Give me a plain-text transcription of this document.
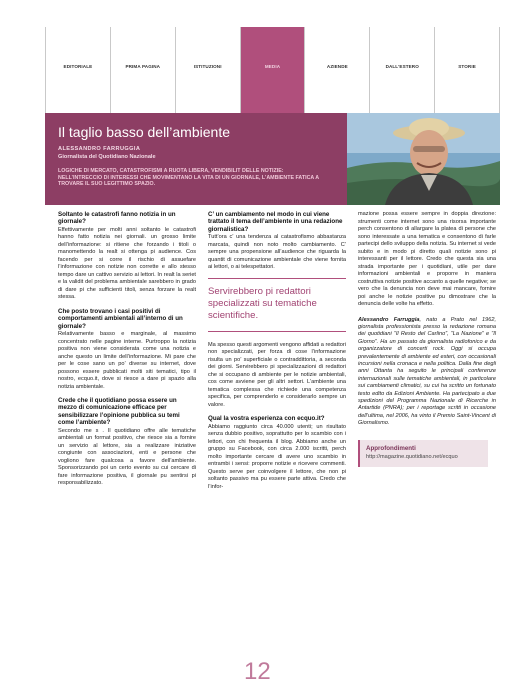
EDITORIALE	PRIMA PAGINA	ISTITUZIONI	MEDIA	AZIENDE	DALL'ESTERO	STORIE
Il taglio basso dell’ambiente
ALESSANDRO FARRUGGIA
Giornalista del Quotidiano Nazionale
LOGICHE DI MERCATO, CATASTROFISMI A RUOTA LIBERA, VENDIBILIT DELLE NOTIZIE: NELL’INTRECCIO DI INTERESSI CHE MOVIMENTANO LA VITA DI UN GIORNALE, L’AMBIENTE FATICA A TROVARE IL SUO LEGITTIMO SPAZIO.
Soltanto le catastrofi fanno notizia in un giornale?
Effettivamente per molti anni soltanto le catastrofi hanno fatto notizia nei giornali. un grosso limite dell’informazione: si ritiene che forzando i titoli o manomettendo la realt si ottenga pi audience. Cos facendo per si corre il rischio di assuefare l’informazione con notizie non corrette e allo stesso tempo dare un cattivo servizio ai lettori. In realt la seriet e la validit del problema ambientale sarebbero in grado di dare pi che sufficienti titoli, senza forzare la realt stessa.
Che posto trovano i casi positivi di comportamenti ambientali all’interno di un giornale?
Relativamente basso e marginale, al massimo concentrato nelle pagine interne. Purtroppo la notizia positiva non viene considerata come una notizia e anche questo un limite dell’informazione. Mi pare che per le cose sano un po’ diverse su internet, dove possono essere pubblicati molti siti tematici, tipo il nostro, ecquo.it, dove si riesce a dare pi spazio alla notizia ambientale.
Crede che il quotidiano possa essere un mezzo di comunicazione efficace per sensibilizzare l’opinione pubblica su temi come l’ambiente?
Secondo me s . Il quotidiano offre alle tematiche ambientali un format positivo, che riesce sia a fornire un servizio al lettore, sia a realizzare iniziative congiunte con associazioni, enti e persone che vogliono fare qualcosa a favore dell’ambiente. Sponsorizzando poi un certo evento su cui cercare di fare informazione positiva, il giornale pu sentirsi pi responsabilizzato.
C’ un cambiamento nel modo in cui viene trattato il tema dell’ambiente in una redazione giornalistica?
Tutt’ora c’ una tendenza al catastrofismo abbastanza marcata, quindi non noto molto cambiamento. C’ sempre una propensione all’audience che riguarda la quantit di comunicazione ambientale che viene fornita ai lettori, o ai telespettatori.
Servirebbero pi redattori specializzati su tematiche scientifiche.
Ma spesso questi argomenti vengono affidati a redattori non specializzati, per forza di cose l’informazione risulta un po’ superficiale o contraddittoria, a seconda dei giorni. Servirebbero pi specializzazioni di redattori che si occupano di ambiente per le notizie ambientali, cos come avviene per gli altri settori. L’ambiente una tematica complessa che richiede una competenza specifica, per comprenderlo e considerarlo sempre un valore.
Qual la vostra esperienza con ecquo.it?
Abbiamo raggiunto circa 40.000 utenti; un risultato senza dubbio positivo, soprattutto per lo scambio con i lettori, con chi frequenta il blog. Abbiamo anche un gruppo su Facebook, con circa 2.000 iscritti, perch molto importante cercare di avere uno scambio in entrambi i sensi: proporre notizie e ricevere commenti. Questo serve per coinvolgere il lettore, che non pi soltanto passivo ma pu essere parte attiva. Credo che l’infor-
mazione possa essere sempre in doppia direzione: strumenti come internet sono una risorsa importante perch consentono di allargare la platea di persone che sono interessate a una tematica e consentono di farle partecipi dello sviluppo della notizia. Su internet si vede subito e in modo pi diretto quali notizie sono pi interessanti per il lettore. Credo che questa sia una strada importante per i quotidiani, utile per dare informazioni ambientali e proporre in maniera costruttiva notizie positive accanto a quelle negative; se vero che la denuncia non deve mai mancare, fornire poi anche le notizie positive pu dimostrare che la denuncia delle volte ha effetto.
Alessandro Farruggia, nato a Prato nel 1962, giornalista professionista presso la redazione romana dei quotidiani “Il Resto del Carlino”, “La Nazione” e “Il Giorno”. Ha un passato da giornalista radiofonico e da organizzatore di concerti rock. Oggi si occupa prevalentemente di ambiente ed esteri, con occasionali incursioni nella cronaca e nella politica. Dalla fine degli anni Ottanta ha seguito le principali conferenze internazionali sulle tematiche ambientali, in particolare sui cambiamenti climatici, su cui ha scritto un fortunato testo edito da Edizioni Ambiente. Ha partecipato a due spedizioni del Programma Nazionale di Ricerche in Antartide (PNRA); per i reportage scritti in occasione dell’ultima, nel 2006, ha vinto il Premio Saint-Vincent di Giornalismo.
Approfondimenti
http://magazine.quotidiano.net/ecquo
12
